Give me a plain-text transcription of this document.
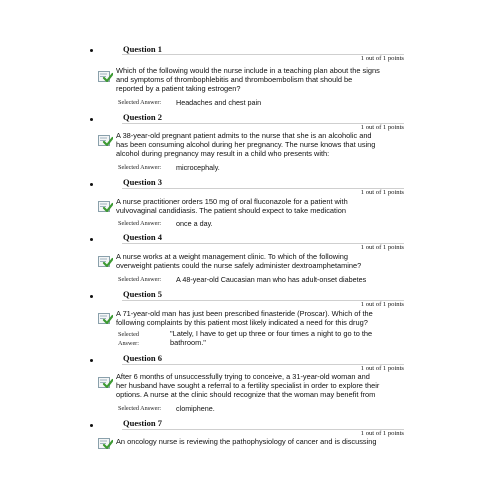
Question 1
1 out of 1 points
Which of the following would the nurse include in a teaching plan about the signs
and symptoms of thrombophlebitis and thromboembolism that should be
reported by a patient taking estrogen?
Selected Answer: Headaches and chest pain
Question 2
1 out of 1 points
A 38-year-old pregnant patient admits to the nurse that she is an alcoholic and
has been consuming alcohol during her pregnancy. The nurse knows that using
alcohol during pregnancy may result in a child who presents with:
Selected Answer: microcephaly.
Question 3
1 out of 1 points
A nurse practitioner orders 150 mg of oral fluconazole for a patient with
vulvovaginal candidiasis. The patient should expect to take medication
Selected Answer: once a day.
Question 4
1 out of 1 points
A nurse works at a weight management clinic. To which of the following
overweight patients could the nurse safely administer dextroamphetamine?
Selected Answer: A 48-year-old Caucasian man who has adult-onset diabetes
Question 5
1 out of 1 points
A 71-year-old man has just been prescribed finasteride (Proscar). Which of the
following complaints by this patient most likely indicated a need for this drug?
Selected
Answer:
"Lately, I have to get up three or four times a night to go to the
bathroom."
Question 6
1 out of 1 points
After 6 months of unsuccessfully trying to conceive, a 31-year-old woman and
her husband have sought a referral to a fertility specialist in order to explore their
options. A nurse at the clinic should recognize that the woman may benefit from
Selected Answer: clomiphene.
Question 7
1 out of 1 points
An oncology nurse is reviewing the pathophysiology of cancer and is discussing
